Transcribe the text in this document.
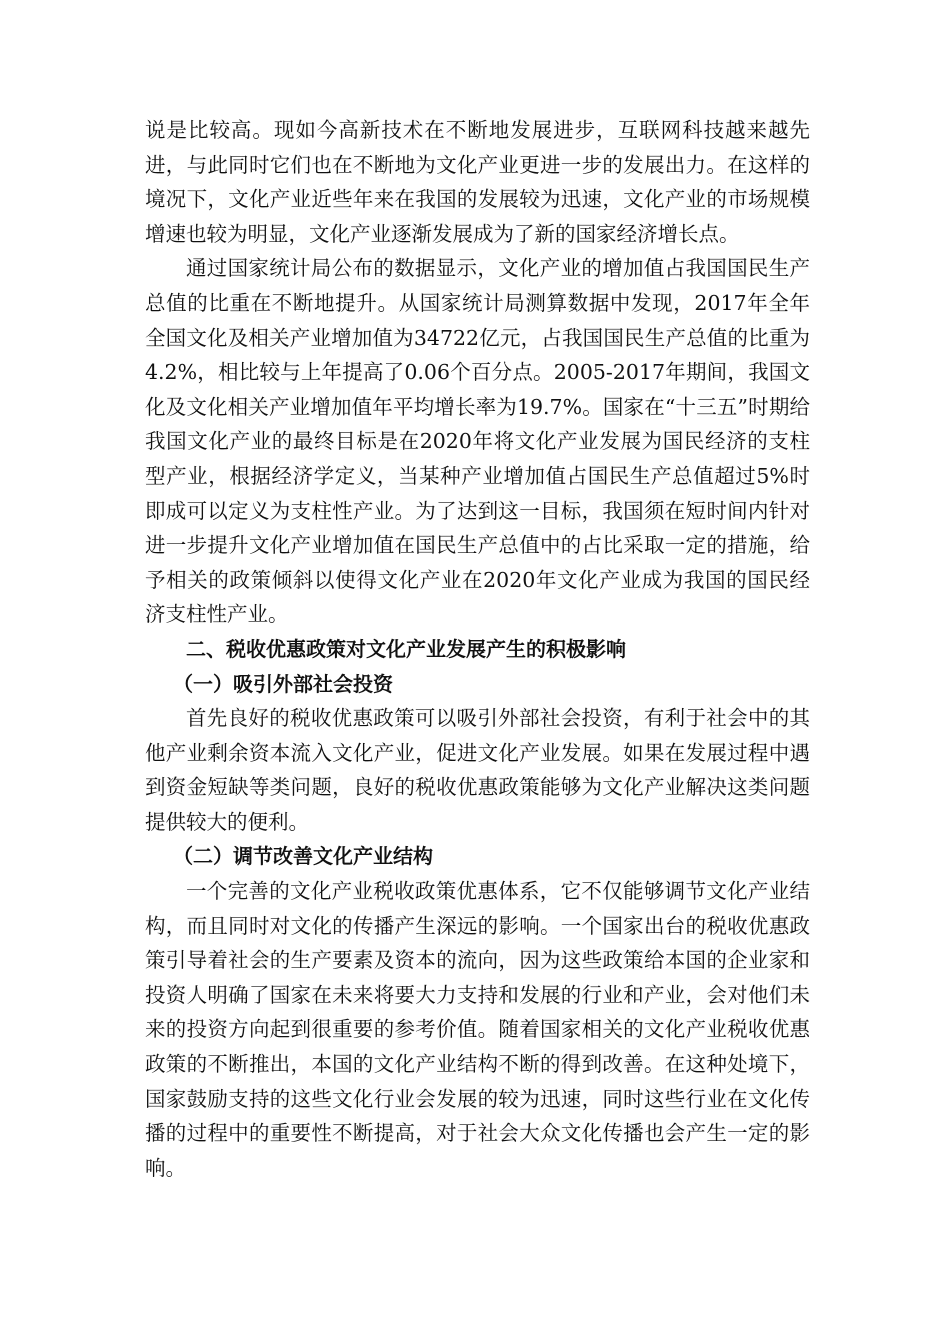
说是比较高。现如今高新技术在不断地发展进步，互联网科技越来越先进，与此同时它们也在不断地为文化产业更进一步的发展出力。在这样的境况下，文化产业近些年来在我国的发展较为迅速，文化产业的市场规模增速也较为明显，文化产业逐渐发展成为了新的国家经济增长点。

通过国家统计局公布的数据显示，文化产业的增加值占我国国民生产总值的比重在不断地提升。从国家统计局测算数据中发现，2017年全年全国文化及相关产业增加值为34722亿元，占我国国民生产总值的比重为4.2%，相比较与上年提高了0.06个百分点。2005-2017年期间，我国文化及文化相关产业增加值年平均增长率为19.7%。国家在“十三五”时期给我国文化产业的最终目标是在2020年将文化产业发展为国民经济的支柱型产业，根据经济学定义，当某种产业增加值占国民生产总值超过5%时即成可以定义为支柱性产业。为了达到这一目标，我国须在短时间内针对进一步提升文化产业增加值在国民生产总值中的占比采取一定的措施，给予相关的政策倾斜以使得文化产业在2020年文化产业成为我国的国民经济支柱性产业。

二、税收优惠政策对文化产业发展产生的积极影响
（一）吸引外部社会投资

首先良好的税收优惠政策可以吸引外部社会投资，有利于社会中的其他产业剩余资本流入文化产业，促进文化产业发展。如果在发展过程中遇到资金短缺等类问题，良好的税收优惠政策能够为文化产业解决这类问题提供较大的便利。

（二）调节改善文化产业结构

一个完善的文化产业税收政策优惠体系，它不仅能够调节文化产业结构，而且同时对文化的传播产生深远的影响。一个国家出台的税收优惠政策引导着社会的生产要素及资本的流向，因为这些政策给本国的企业家和投资人明确了国家在未来将要大力支持和发展的行业和产业，会对他们未来的投资方向起到很重要的参考价值。随着国家相关的文化产业税收优惠政策的不断推出，本国的文化产业结构不断的得到改善。在这种处境下，国家鼓励支持的这些文化行业会发展的较为迅速，同时这些行业在文化传播的过程中的重要性不断提高，对于社会大众文化传播也会产生一定的影响。
